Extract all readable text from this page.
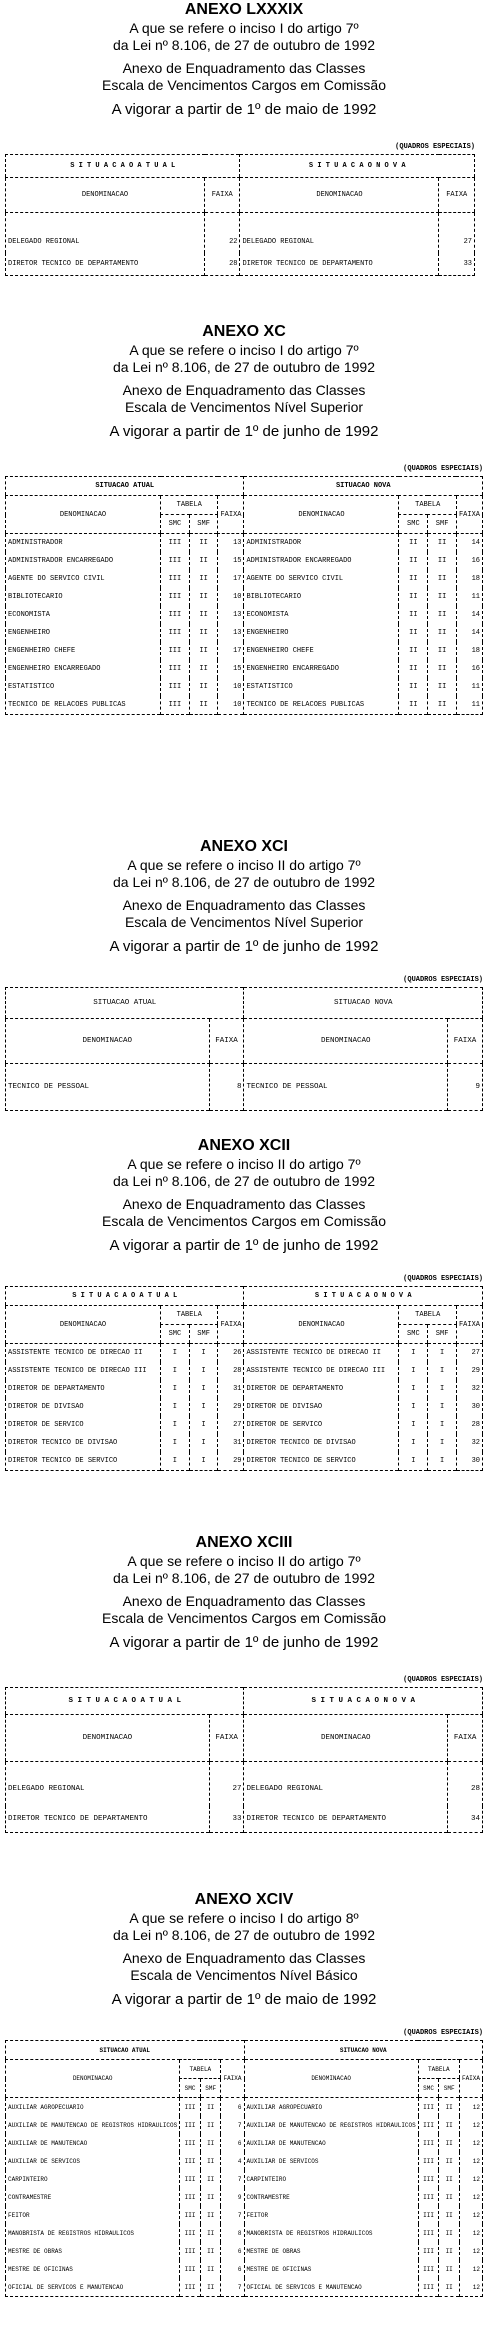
ANEXO LXXXIX
A que se refere o inciso I do artigo 7º
da Lei nº 8.106, de 27 de outubro de 1992
Anexo de Enquadramento das Classes
Escala de Vencimentos Cargos em Comissão
A vigorar a partir de 1º de maio de 1992
(QUADROS ESPECIAIS)
S I T U A C A O A T U A L		S I T U A C A O N O V A	
DENOMINACAO	FAIXA	DENOMINACAO	FAIXA
DELEGADO REGIONAL	22	DELEGADO REGIONAL	27
DIRETOR TECNICO DE DEPARTAMENTO	28	DIRETOR TECNICO DE DEPARTAMENTO	33
ANEXO XC
A que se refere o inciso I do artigo 7º
da Lei nº 8.106, de 27 de outubro de 1992
Anexo de Enquadramento das Classes
Escala de Vencimentos Nível Superior
A vigorar a partir de 1º de junho de 1992
(QUADROS ESPECIAIS)
SITUACAO ATUAL				SITUACAO NOVA			
DENOMINACAO	TABELA		FAIXA	DENOMINACAO	TABELA		FAIXA
	SMC	SMF			SMC	SMF	
ADMINISTRADOR	III	II	13	ADMINISTRADOR	II	II	14
ADMINISTRADOR ENCARREGADO	III	II	15	ADMINISTRADOR ENCARREGADO	II	II	16
AGENTE DO SERVICO CIVIL	III	II	17	AGENTE DO SERVICO CIVIL	II	II	18
BIBLIOTECARIO	III	II	10	BIBLIOTECARIO	II	II	11
ECONOMISTA	III	II	13	ECONOMISTA	II	II	14
ENGENHEIRO	III	II	13	ENGENHEIRO	II	II	14
ENGENHEIRO CHEFE	III	II	17	ENGENHEIRO CHEFE	II	II	18
ENGENHEIRO ENCARREGADO	III	II	15	ENGENHEIRO ENCARREGADO	II	II	16
ESTATISTICO	III	II	10	ESTATISTICO	II	II	11
TECNICO DE RELACOES PUBLICAS	III	II	10	TECNICO DE RELACOES PUBLICAS	II	II	11
ANEXO XCI
A que se refere o inciso II do artigo 7º
da Lei nº 8.106, de 27 de outubro de 1992
Anexo de Enquadramento das Classes
Escala de Vencimentos Nível Superior
A vigorar a partir de 1º de junho de 1992
(QUADROS ESPECIAIS)
SITUACAO ATUAL		SITUACAO NOVA	
DENOMINACAO	FAIXA	DENOMINACAO	FAIXA
TECNICO DE PESSOAL	8	TECNICO DE PESSOAL	9
ANEXO XCII
A que se refere o inciso II do artigo 7º
da Lei nº 8.106, de 27 de outubro de 1992
Anexo de Enquadramento das Classes
Escala de Vencimentos Cargos em Comissão
A vigorar a partir de 1º de junho de 1992
(QUADROS ESPECIAIS)
S I T U A C A O A T U A L				S I T U A C A O N O V A			
DENOMINACAO	TABELA		FAIXA	DENOMINACAO	TABELA		FAIXA
	SMC	SMF			SMC	SMF	
ASSISTENTE TECNICO DE DIRECAO II	I	I	26	ASSISTENTE TECNICO DE DIRECAO II	I	I	27
ASSISTENTE TECNICO DE DIRECAO III	I	I	28	ASSISTENTE TECNICO DE DIRECAO III	I	I	29
DIRETOR DE DEPARTAMENTO	I	I	31	DIRETOR DE DEPARTAMENTO	I	I	32
DIRETOR DE DIVISAO	I	I	29	DIRETOR DE DIVISAO	I	I	30
DIRETOR DE SERVICO	I	I	27	DIRETOR DE SERVICO	I	I	28
DIRETOR TECNICO DE DIVISAO	I	I	31	DIRETOR TECNICO DE DIVISAO	I	I	32
DIRETOR TECNICO DE SERVICO	I	I	29	DIRETOR TECNICO DE SERVICO	I	I	30
ANEXO XCIII
A que se refere o inciso II do artigo 7º
da Lei nº 8.106, de 27 de outubro de 1992
Anexo de Enquadramento das Classes
Escala de Vencimentos Cargos em Comissão
A vigorar a partir de 1º de junho de 1992
(QUADROS ESPECIAIS)
S I T U A C A O A T U A L		S I T U A C A O N O V A	
DENOMINACAO	FAIXA	DENOMINACAO	FAIXA
DELEGADO REGIONAL	27	DELEGADO REGIONAL	28
DIRETOR TECNICO DE DEPARTAMENTO	33	DIRETOR TECNICO DE DEPARTAMENTO	34
ANEXO XCIV
A que se refere o inciso I do artigo 8º
da Lei nº 8.106, de 27 de outubro de 1992
Anexo de Enquadramento das Classes
Escala de Vencimentos Nível Básico
A vigorar a partir de 1º de maio de 1992
(QUADROS ESPECIAIS)
SITUACAO ATUAL				SITUACAO NOVA			
DENOMINACAO	TABELA		FAIXA	DENOMINACAO	TABELA		FAIXA
	SMC	SMF			SMC	SMF	
AUXILIAR AGROPECUARIO	III	II	6	AUXILIAR AGROPECUARIO	III	II	12
AUXILIAR DE MANUTENCAO DE REGISTROS HIDRAULICOS	III	II	7	AUXILIAR DE MANUTENCAO DE REGISTROS HIDRAULICOS	III	II	12
AUXILIAR DE MANUTENCAO	III	II	6	AUXILIAR DE MANUTENCAO	III	II	12
AUXILIAR DE SERVICOS	III	II	4	AUXILIAR DE SERVICOS	III	II	12
CARPINTEIRO	III	II	7	CARPINTEIRO	III	II	12
CONTRAMESTRE	III	II	9	CONTRAMESTRE	III	II	12
FEITOR	III	II	7	FEITOR	III	II	12
MANOBRISTA DE REGISTROS HIDRAULICOS	III	II	8	MANOBRISTA DE REGISTROS HIDRAULICOS	III	II	12
MESTRE DE OBRAS	III	II	6	MESTRE DE OBRAS	III	II	12
MESTRE DE OFICINAS	III	II	6	MESTRE DE OFICINAS	III	II	12
OFICIAL DE SERVICOS E MANUTENCAO	III	II	7	OFICIAL DE SERVICOS E MANUTENCAO	III	II	12
